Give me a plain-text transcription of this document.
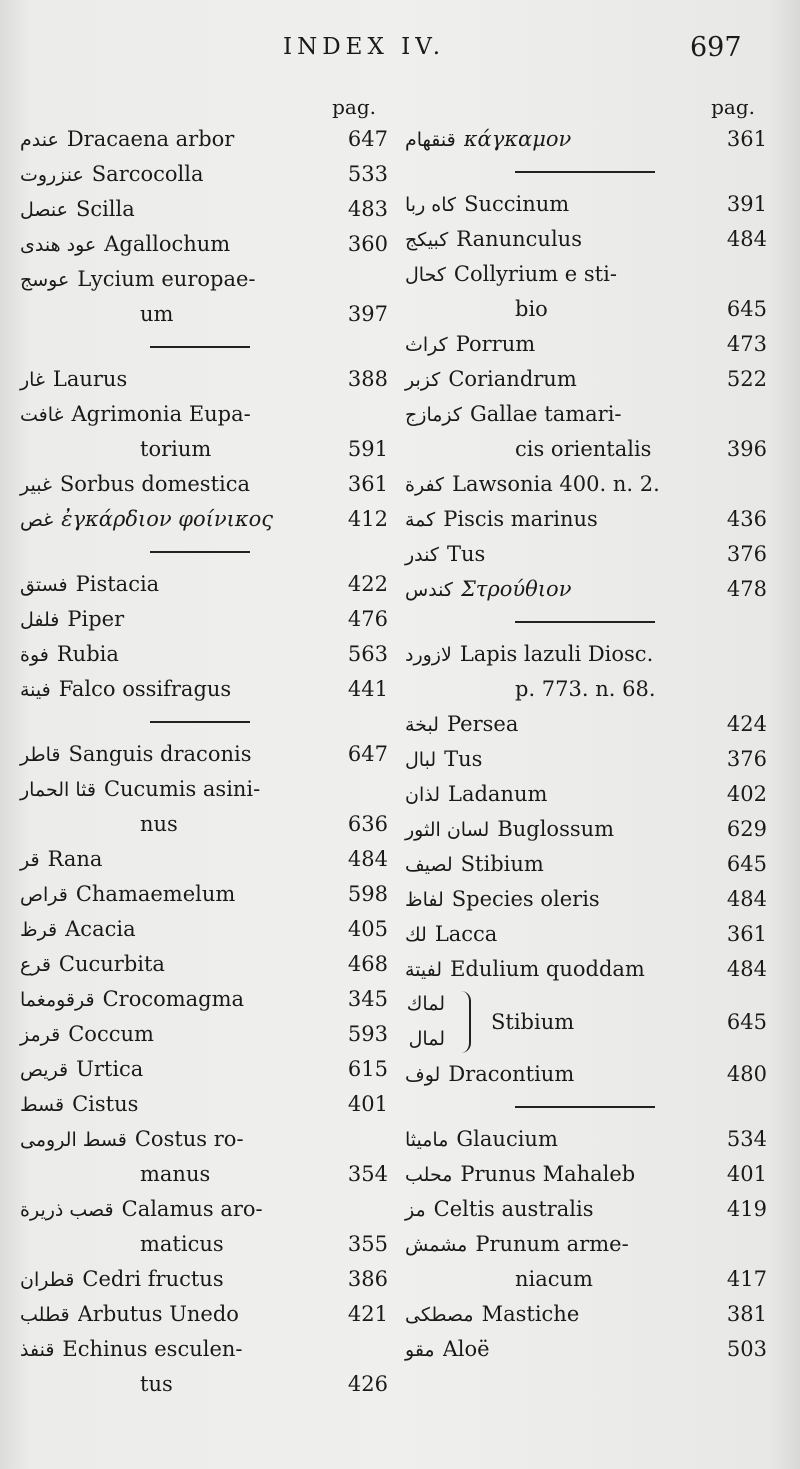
INDEX IV.	697
pag.
عندم Dracaena arbor	647
عنزروت Sarcocolla	533
عنصل Scilla	483
عود هندى Agallochum	360
عوسج Lycium europae-
um	397
غار Laurus	388
غافت Agrimonia Eupa-
torium	591
غبير Sorbus domestica	361
غص ἐγκάρδιον φοίνικος	412
فستق Pistacia	422
فلفل Piper	476
فوة Rubia	563
فينة Falco ossifragus	441
قاطر Sanguis draconis	647
قثا الحمار Cucumis asini-
nus	636
قر Rana	484
قراص Chamaemelum	598
قرظ Acacia	405
قرع Cucurbita	468
قرقومغما Crocomagma	345
قرمز Coccum	593
قريص Urtica	615
قسط Cistus	401
قسط الرومى Costus ro-
manus	354
قصب ذريرة Calamus aro-
maticus	355
قطران Cedri fructus	386
قطلب Arbutus Unedo	421
قنفذ Echinus esculen-
tus	426
pag.
قنقهام κάγκαμον	361
كاه ربا Succinum	391
كبيكج Ranunculus	484
كحال Collyrium e sti-
bio	645
كراث Porrum	473
كزبر Coriandrum	522
كزمازج Gallae tamari-
cis orientalis	396
كفرة Lawsonia 400. n. 2.
كمة Piscis marinus	436
كندر Tus	376
كندس Στρούθιον	478
لازورد Lapis lazuli Diosc.
p. 773. n. 68.
لبخة Persea	424
لبال Tus	376
لذان Ladanum	402
لسان الثور Buglossum	629
لصيف Stibium	645
لفاظ Species oleris	484
لك Lacca	361
لفيتة Edulium quoddam	484
لماك
لمال
Stibium	645
لوف Dracontium	480
ماميثا Glaucium	534
محلب Prunus Mahaleb	401
مز Celtis australis	419
مشمش Prunum arme-
niacum	417
مصطكى Mastiche	381
مقو Aloë	503
